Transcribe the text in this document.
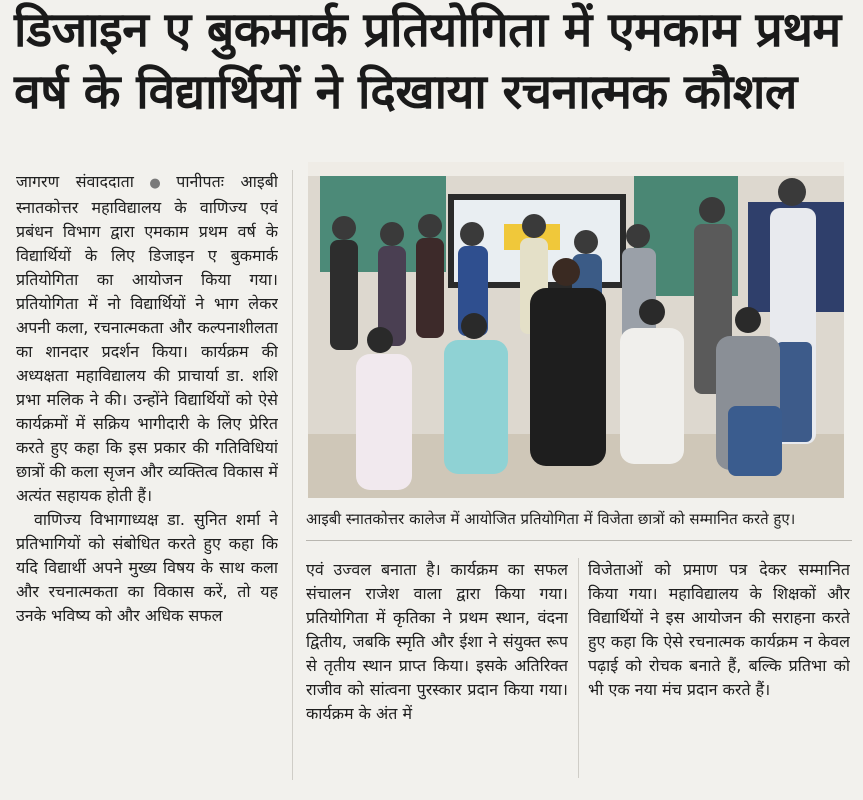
डिजाइन ए बुकमार्क प्रतियोगिता में एमकाम प्रथम
वर्ष के विद्यार्थियों ने दिखाया रचनात्मक कौशल

जागरण संवाददाता ● पानीपतः आइबी स्नातकोत्तर महाविद्यालय के वाणिज्य एवं प्रबंधन विभाग द्वारा एमकाम प्रथम वर्ष के विद्यार्थियों के लिए डिजाइन ए बुकमार्क प्रतियोगिता का आयोजन किया गया। प्रतियोगिता में नो विद्यार्थियों ने भाग लेकर अपनी कला, रचनात्मकता और कल्पनाशीलता का शानदार प्रदर्शन किया। कार्यक्रम की अध्यक्षता महाविद्यालय की प्राचार्या डा. शशि प्रभा मलिक ने की। उन्होंने विद्यार्थियों को ऐसे कार्यक्रमों में सक्रिय भागीदारी के लिए प्रेरित करते हुए कहा कि इस प्रकार की गतिविधियां छात्रों की कला सृजन और व्यक्तित्व विकास में अत्यंत सहायक होती हैं।

वाणिज्य विभागाध्यक्ष डा. सुनित शर्मा ने प्रतिभागियों को संबोधित करते हुए कहा कि यदि विद्यार्थी अपने मुख्य विषय के साथ कला और रचनात्मकता का विकास करें, तो यह उनके भविष्य को और अधिक सफल

आइबी स्नातकोत्तर कालेज में आयोजित प्रतियोगिता में विजेता छात्रों को सम्मानित करते हुए।
एवं उज्वल बनाता है। कार्यक्रम का सफल संचालन राजेश वाला द्वारा किया गया। प्रतियोगिता में कृतिका ने प्रथम स्थान, वंदना द्वितीय, जबकि स्मृति और ईशा ने संयुक्त रूप से तृतीय स्थान प्राप्त किया। इसके अतिरिक्त राजीव को सांत्वना पुरस्कार प्रदान किया गया। कार्यक्रम के अंत में
विजेताओं को प्रमाण पत्र देकर सम्मानित किया गया। महाविद्यालय के शिक्षकों और विद्यार्थियों ने इस आयोजन की सराहना करते हुए कहा कि ऐसे रचनात्मक कार्यक्रम न केवल पढ़ाई को रोचक बनाते हैं, बल्कि प्रतिभा को भी एक नया मंच प्रदान करते हैं।
